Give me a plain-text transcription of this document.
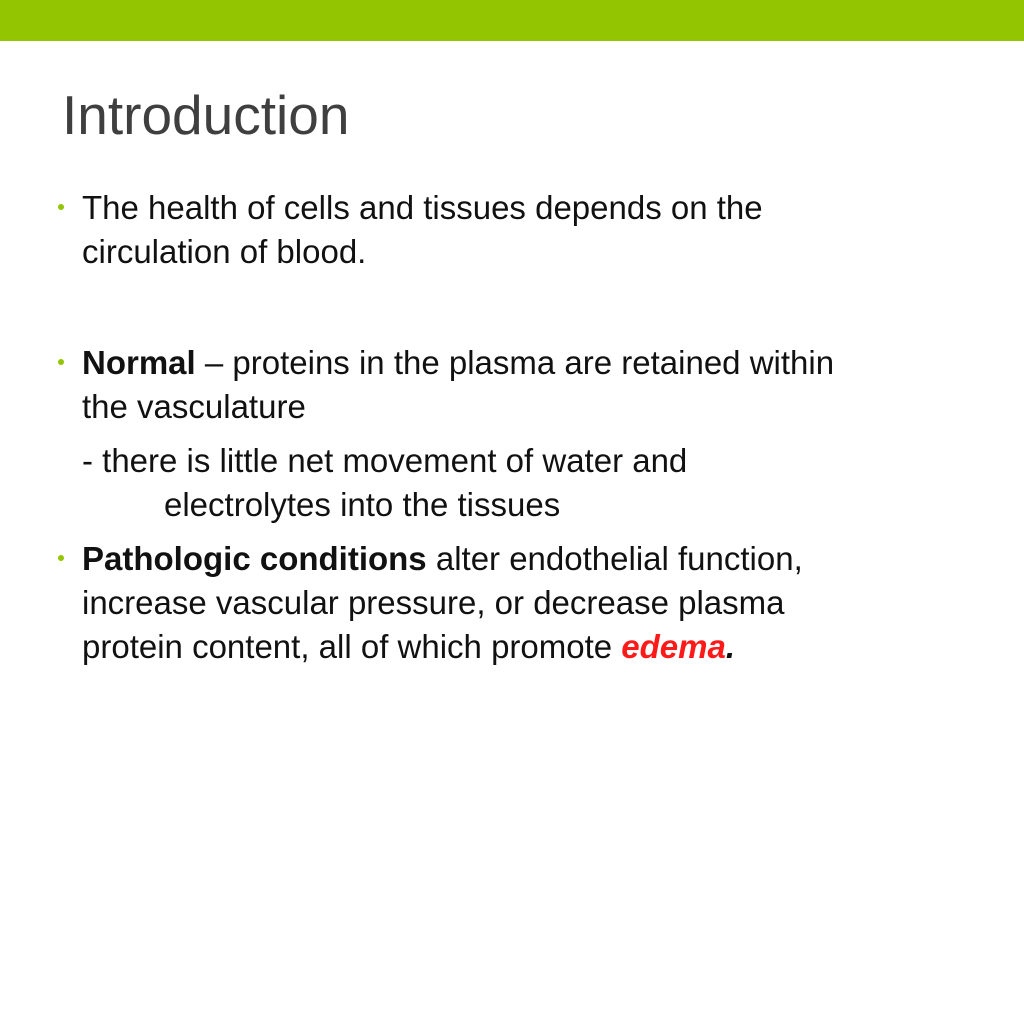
Introduction
The health of cells and tissues depends on the
circulation of blood.
Normal – proteins in the plasma are retained within
the vasculature
- there is little net movement of water and
electrolytes into the tissues
Pathologic conditions alter endothelial function,
increase vascular pressure, or decrease plasma
protein content, all of which promote edema.
